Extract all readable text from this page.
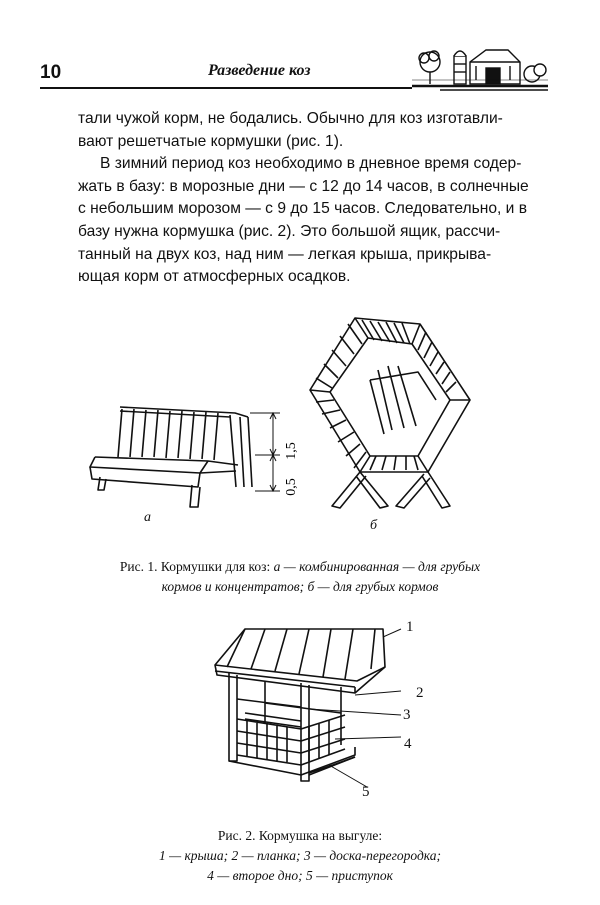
10	Разведение коз

тали чужой корм, не бодались. Обычно для коз изготавли-
вают решетчатые кормушки (рис. 1).

В зимний период коз необходимо в дневное время содер-
жать в базу: в морозные дни — с 12 до 14 часов, в солнечные
с небольшим морозом — с 9 до 15 часов. Следовательно, и в
базу нужна кормушка (рис. 2). Это большой ящик, рассчи-
танный на двух коз, над ним — легкая крыша, прикрыва-
ющая корм от атмосферных осадков.

1,5
0,5
а
б
Рис. 1. Кормушки для коз: а — комбинированная — для грубых
кормов и концентратов; б — для грубых кормов
1
2
3
4
5
Рис. 2. Кормушка на выгуле:
1 — крыша; 2 — планка; 3 — доска-перегородка;
4 — второе дно; 5 — приступок
